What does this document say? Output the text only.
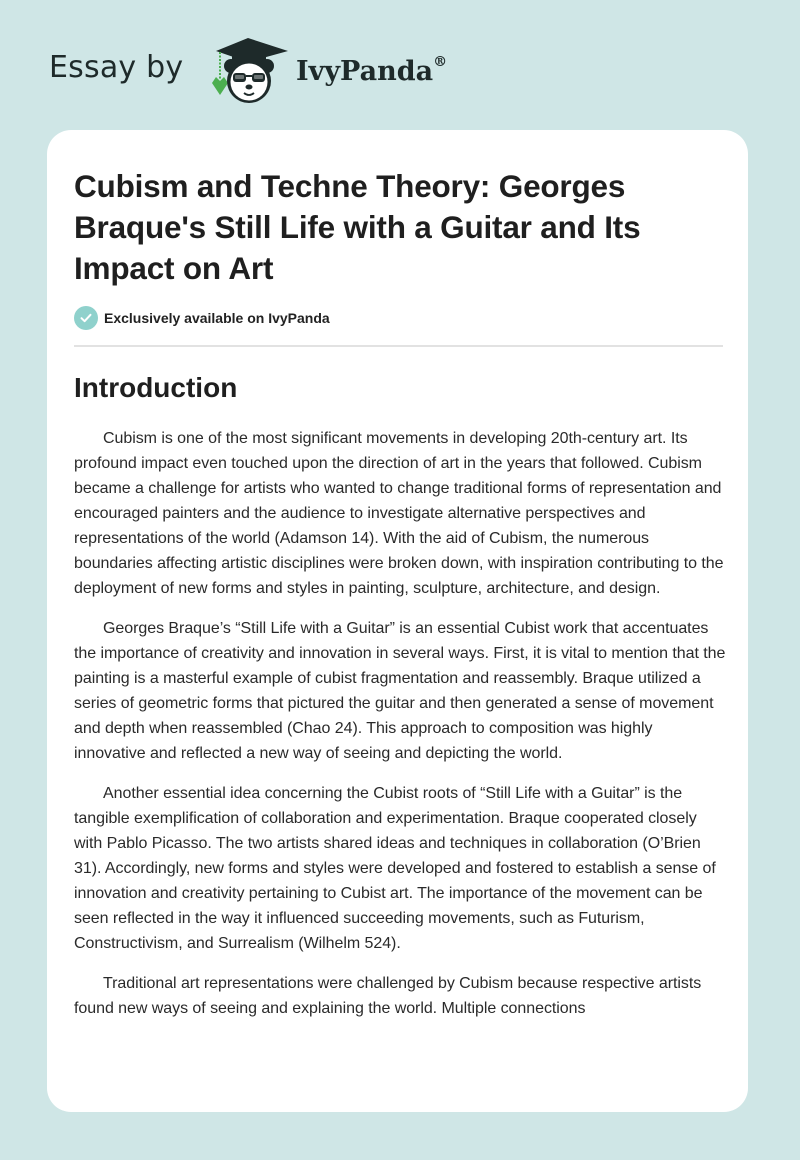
Essay by	IvyPanda®
Cubism and Techne Theory: Georges Braque's Still Life with a Guitar and Its Impact on Art
Exclusively available on IvyPanda
Introduction

Cubism is one of the most significant movements in developing 20th-century art. Its profound impact even touched upon the direction of art in the years that followed. Cubism became a challenge for artists who wanted to change traditional forms of representation and encouraged painters and the audience to investigate alternative perspectives and representations of the world (Adamson 14). With the aid of Cubism, the numerous boundaries affecting artistic disciplines were broken down, with inspiration contributing to the deployment of new forms and styles in painting, sculpture, architecture, and design.

Georges Braque’s “Still Life with a Guitar” is an essential Cubist work that accentuates the importance of creativity and innovation in several ways. First, it is vital to mention that the painting is a masterful example of cubist fragmentation and reassembly. Braque utilized a series of geometric forms that pictured the guitar and then generated a sense of movement and depth when reassembled (Chao 24). This approach to composition was highly innovative and reflected a new way of seeing and depicting the world.

Another essential idea concerning the Cubist roots of “Still Life with a Guitar” is the tangible exemplification of collaboration and experimentation. Braque cooperated closely with Pablo Picasso. The two artists shared ideas and techniques in collaboration (O’Brien 31). Accordingly, new forms and styles were developed and fostered to establish a sense of innovation and creativity pertaining to Cubist art. The importance of the movement can be seen reflected in the way it influenced succeeding movements, such as Futurism, Constructivism, and Surrealism (Wilhelm 524).

Traditional art representations were challenged by Cubism because respective artists found new ways of seeing and explaining the world. Multiple connections
